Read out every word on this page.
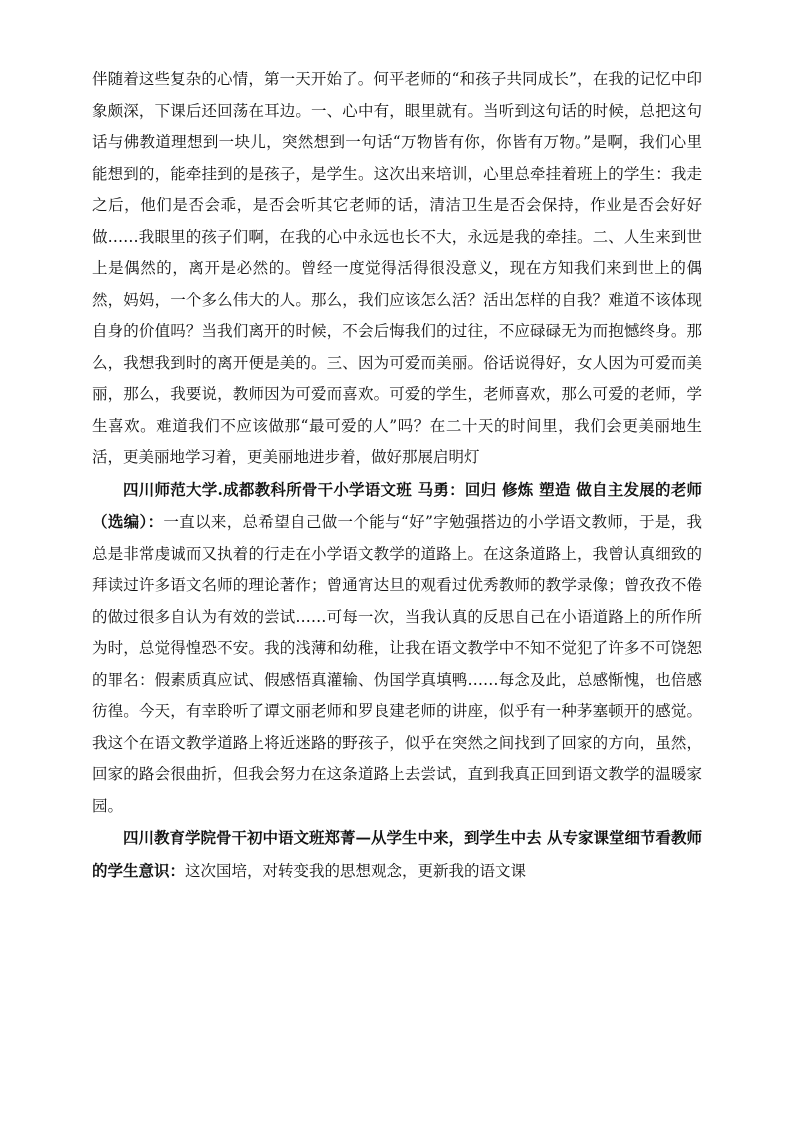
伴随着这些复杂的心情，第一天开始了。何平老师的“和孩子共同成长”，在我的记忆中印象颇深，下课后还回荡在耳边。一、心中有，眼里就有。当听到这句话的时候，总把这句话与佛教道理想到一块儿，突然想到一句话“万物皆有你，你皆有万物。”是啊，我们心里能想到的，能牵挂到的是孩子，是学生。这次出来培训，心里总牵挂着班上的学生：我走之后，他们是否会乖，是否会听其它老师的话，清洁卫生是否会保持，作业是否会好好做……我眼里的孩子们啊，在我的心中永远也长不大，永远是我的牵挂。二、人生来到世上是偶然的，离开是必然的。曾经一度觉得活得很没意义，现在方知我们来到世上的偶然，妈妈，一个多么伟大的人。那么，我们应该怎么活？活出怎样的自我？难道不该体现自身的价值吗？当我们离开的时候，不会后悔我们的过往，不应碌碌无为而抱憾终身。那么，我想我到时的离开便是美的。三、因为可爱而美丽。俗话说得好，女人因为可爱而美丽，那么，我要说，教师因为可爱而喜欢。可爱的学生，老师喜欢，那么可爱的老师，学生喜欢。难道我们不应该做那“最可爱的人”吗？在二十天的时间里，我们会更美丽地生活，更美丽地学习着，更美丽地进步着，做好那展启明灯

四川师范大学.成都教科所骨干小学语文班 马勇：回归 修炼 塑造 做自主发展的老师（选编）：一直以来，总希望自己做一个能与“好”字勉强搭边的小学语文教师，于是，我总是非常虔诚而又执着的行走在小学语文教学的道路上。在这条道路上，我曾认真细致的拜读过许多语文名师的理论著作；曾通宵达旦的观看过优秀教师的教学录像；曾孜孜不倦的做过很多自认为有效的尝试……可每一次，当我认真的反思自己在小语道路上的所作所为时，总觉得惶恐不安。我的浅薄和幼稚，让我在语文教学中不知不觉犯了许多不可饶恕的罪名：假素质真应试、假感悟真灌输、伪国学真填鸭……每念及此，总感惭愧，也倍感彷徨。今天，有幸聆听了谭文丽老师和罗良建老师的讲座，似乎有一种茅塞顿开的感觉。我这个在语文教学道路上将近迷路的野孩子，似乎在突然之间找到了回家的方向，虽然，回家的路会很曲折，但我会努力在这条道路上去尝试，直到我真正回到语文教学的温暖家园。

四川教育学院骨干初中语文班郑菁—从学生中来，到学生中去 从专家课堂细节看教师的学生意识：这次国培，对转变我的思想观念，更新我的语文课
